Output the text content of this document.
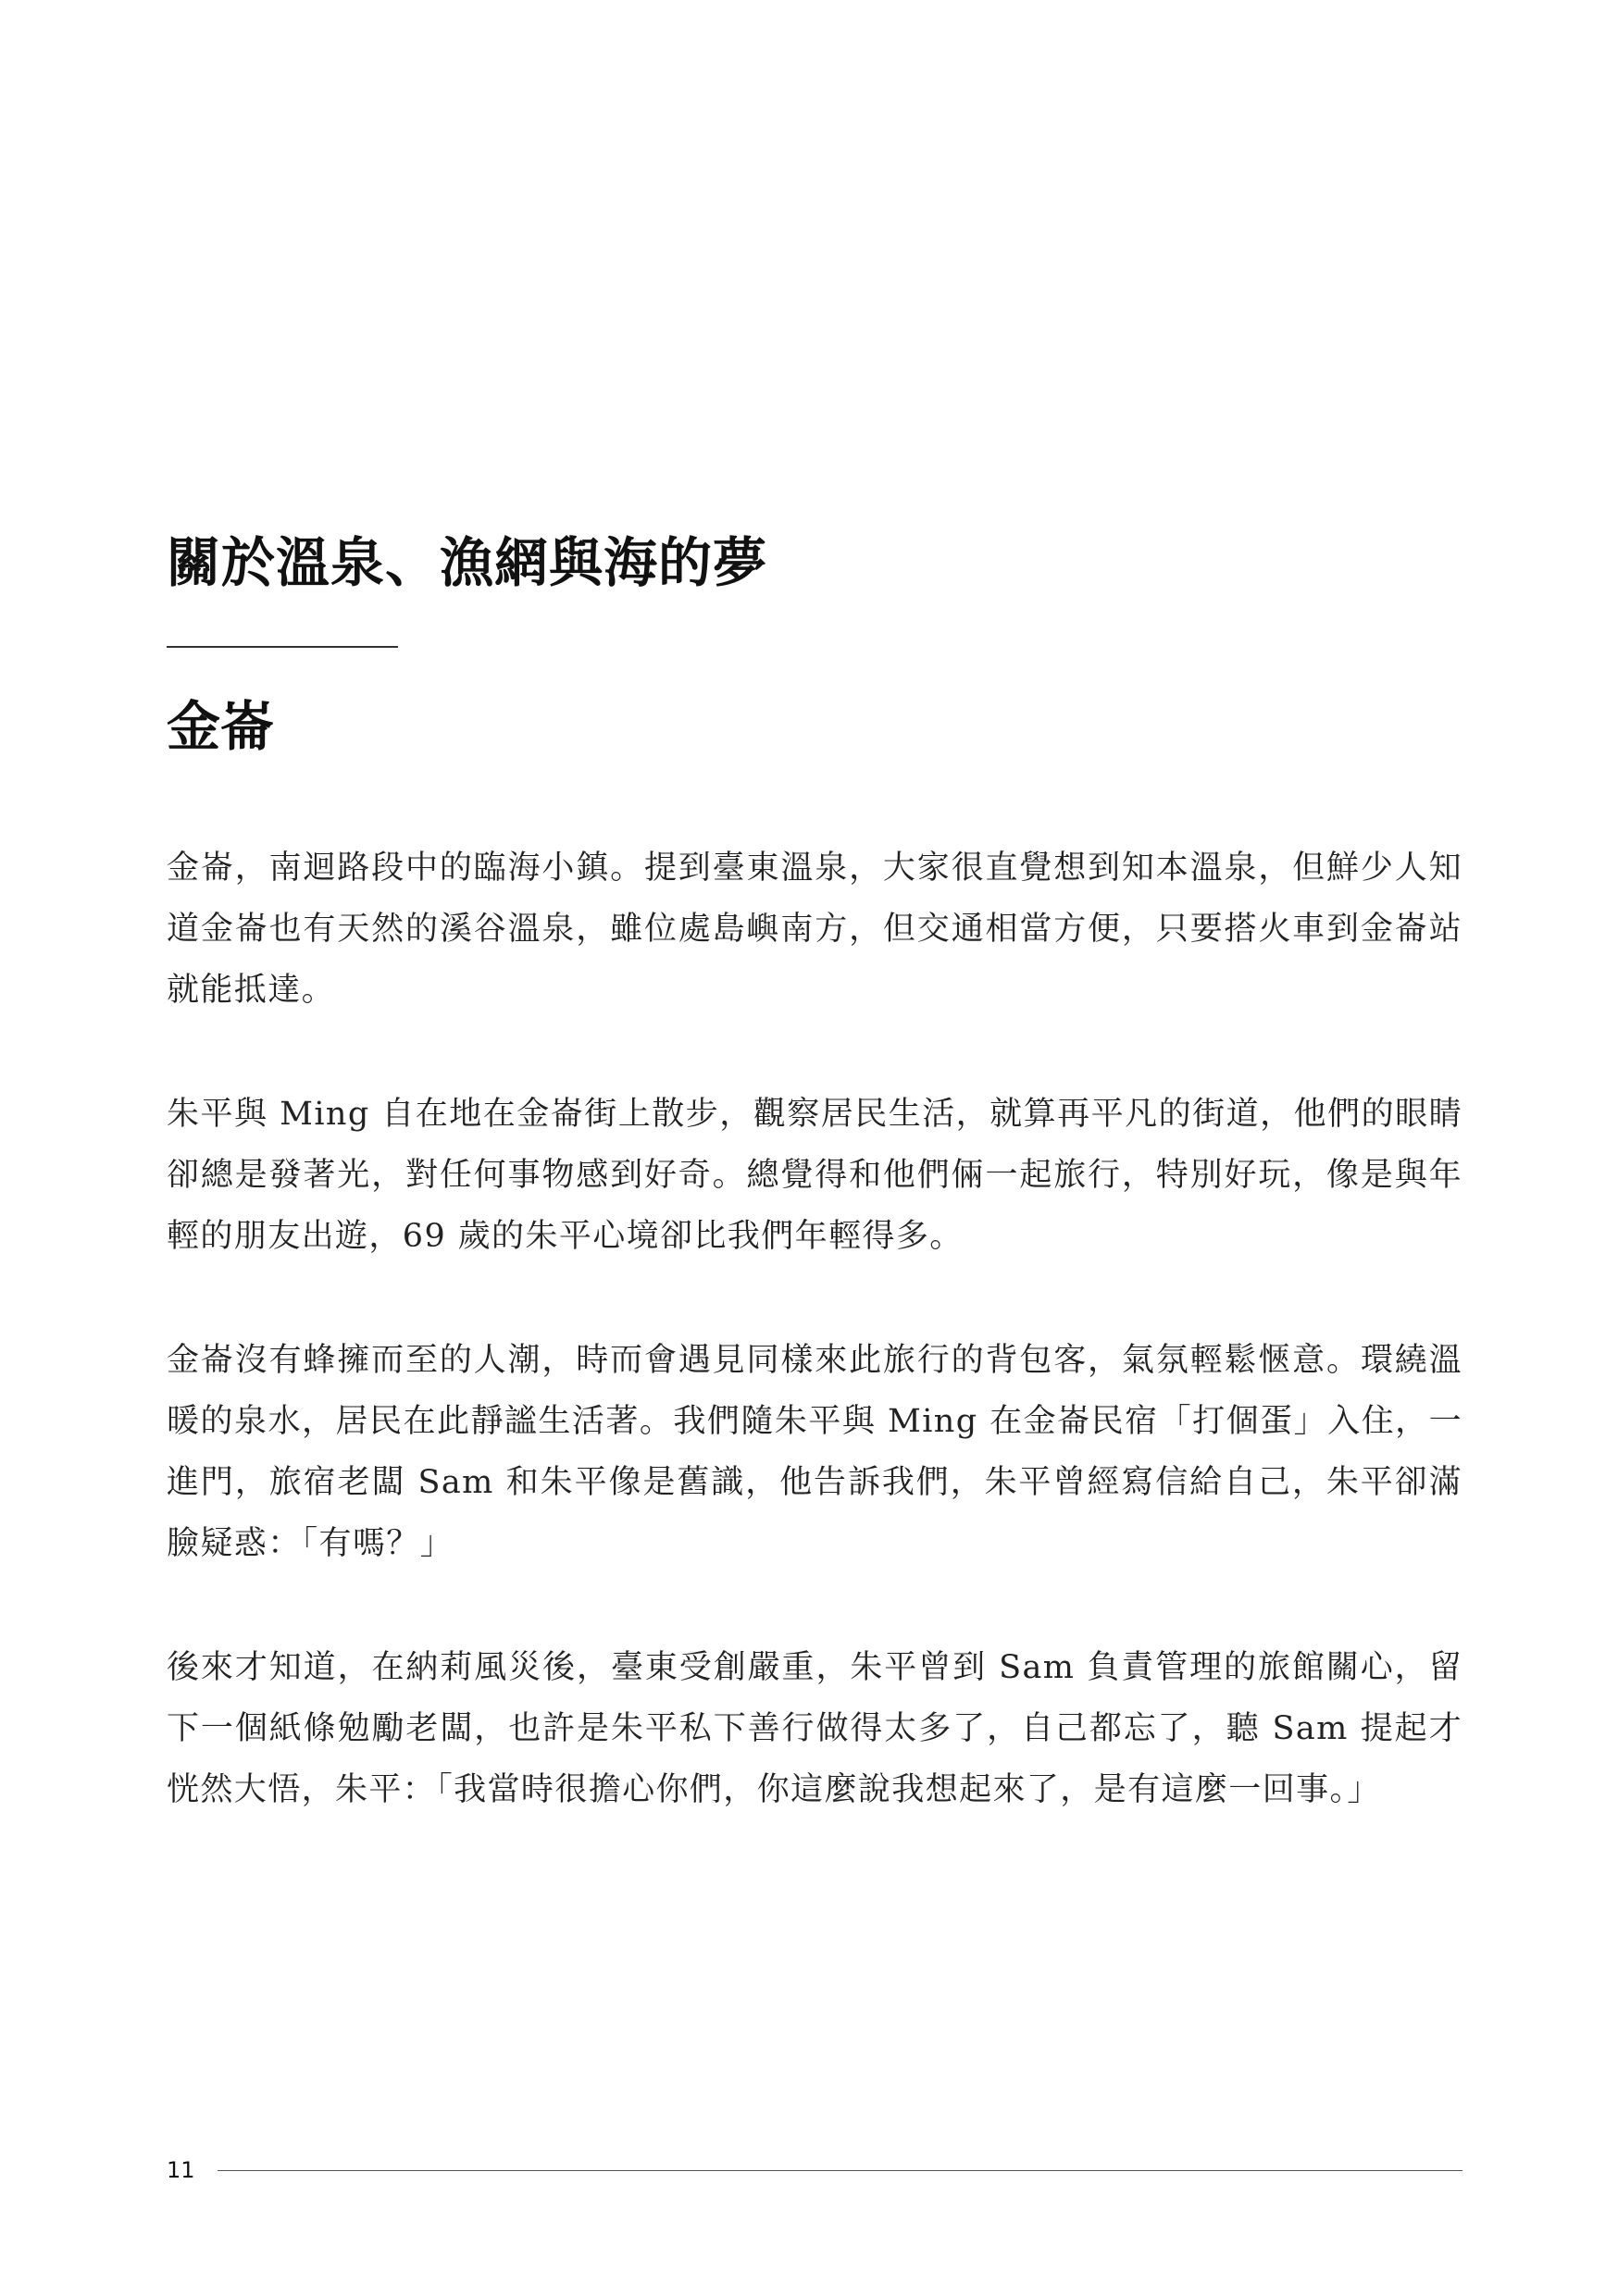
關於溫泉、漁網與海的夢
金崙

金崙，南迴路段中的臨海小鎮。提到臺東溫泉，大家很直覺想到知本溫泉，但鮮少人知道金崙也有天然的溪谷溫泉，雖位處島嶼南方，但交通相當方便，只要搭火車到金崙站就能抵達。

朱平與 Ming 自在地在金崙街上散步，觀察居民生活，就算再平凡的街道，他們的眼睛卻總是發著光，對任何事物感到好奇。總覺得和他們倆一起旅行，特別好玩，像是與年輕的朋友出遊，69 歲的朱平心境卻比我們年輕得多。

金崙沒有蜂擁而至的人潮，時而會遇見同樣來此旅行的背包客，氣氛輕鬆愜意。環繞溫暖的泉水，居民在此靜謐生活著。我們隨朱平與 Ming 在金崙民宿「打個蛋」入住，一進門，旅宿老闆 Sam 和朱平像是舊識，他告訴我們，朱平曾經寫信給自己，朱平卻滿臉疑惑：「有嗎？」

後來才知道，在納莉風災後，臺東受創嚴重，朱平曾到 Sam 負責管理的旅館關心，留下一個紙條勉勵老闆，也許是朱平私下善行做得太多了，自己都忘了，聽 Sam 提起才恍然大悟，朱平：「我當時很擔心你們，你這麼說我想起來了，是有這麼一回事。」

11
